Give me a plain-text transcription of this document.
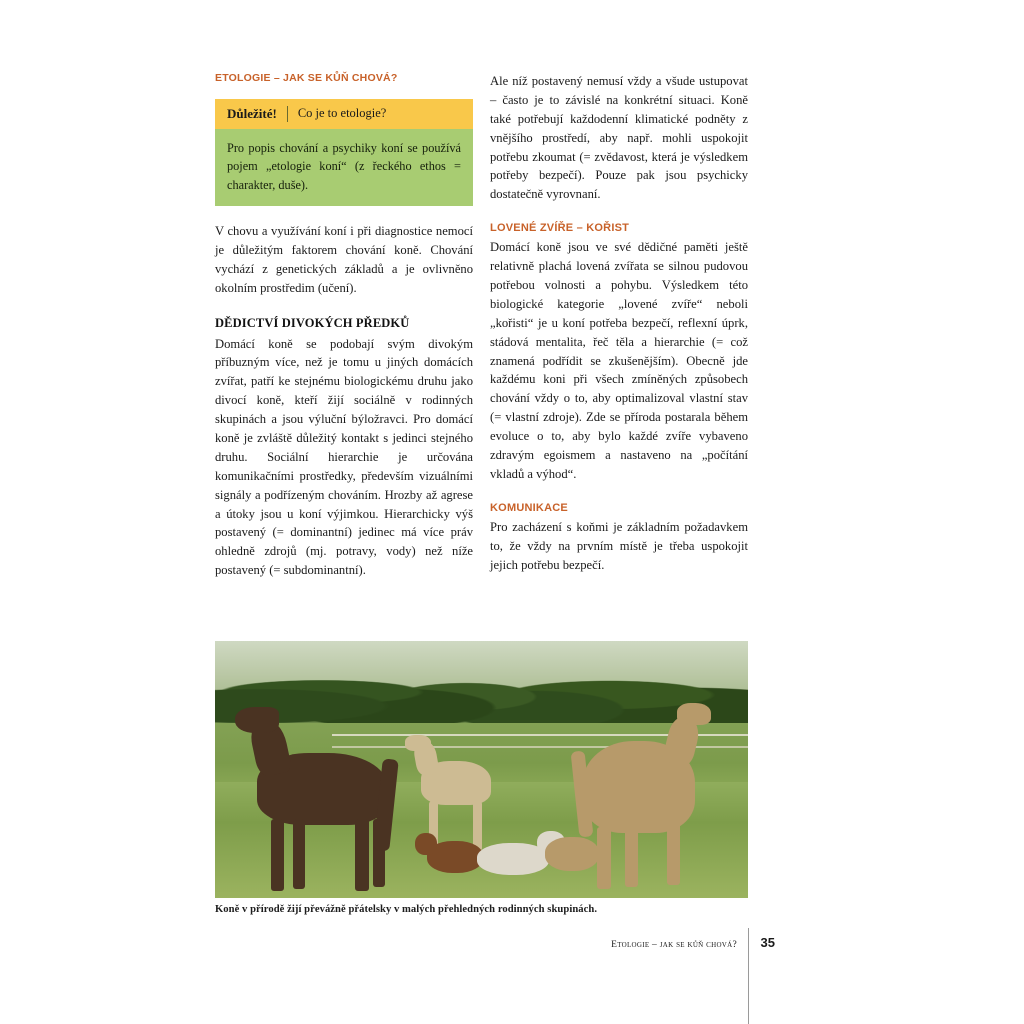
ETOLOGIE – JAK SE KŮŇ CHOVÁ?
Důležité!	Co je to etologie?

Pro popis chování a psychiky koní se používá pojem „etologie koní“ (z řeckého ethos = charakter, duše).

V chovu a využívání koní i při diagnostice nemocí je důležitým faktorem chování koně. Chování vychází z genetických základů a je ovlivněno okolním prostředim (učení).

DĚDICTVÍ DIVOKÝCH PŘEDKŮ

Domácí koně se podobají svým divokým příbuzným více, než je tomu u jiných domácích zvířat, patří ke stejnému biologickému druhu jako divocí koně, kteří žijí sociálně v rodinných skupinách a jsou výluční býložravci. Pro domácí koně je zvláště důležitý kontakt s jedinci stejného druhu. Sociální hierarchie je určována komunikačními prostředky, především vizuálními signály a podřízeným chováním. Hrozby až agrese a útoky jsou u koní výjimkou. Hierarchicky výš postavený (= dominantní) jedinec má více práv ohledně zdrojů (mj. potravy, vody) než níže postavený (= subdominantní).

Ale níž postavený nemusí vždy a všude ustupovat – často je to závislé na konkrétní situaci. Koně také potřebují každodenní klimatické podněty z vnějšího prostředí, aby např. mohli uspokojit potřebu zkoumat (= zvědavost, která je výsledkem potřeby bezpečí). Pouze pak jsou psychicky dostatečně vyrovnaní.

LOVENÉ ZVÍŘE – KOŘIST

Domácí koně jsou ve své dědičné paměti ještě relativně plachá lovená zvířata se silnou pudovou potřebou volnosti a pohybu. Výsledkem této biologické kategorie „lovené zvíře“ neboli „kořisti“ je u koní potřeba bezpečí, reflexní úprk, stádová mentalita, řeč těla a hierarchie (= což znamená podřídit se zkušenějším). Obecně jde každému koni při všech zmíněných způsobech chování vždy o to, aby optimalizoval vlastní stav (= vlastní zdroje). Zde se příroda postarala během evoluce o to, aby bylo každé zvíře vybaveno zdravým egoismem a nastaveno na „počítání vkladů a výhod“.

KOMUNIKACE

Pro zacházení s koňmi je základním požadavkem to, že vždy na prvním místě je třeba uspokojit jejich potřebu bezpečí.

Koně v přírodě žijí převážně přátelsky v malých přehledných rodinných skupinách.
Etologie – jak se kůň chová?	35
